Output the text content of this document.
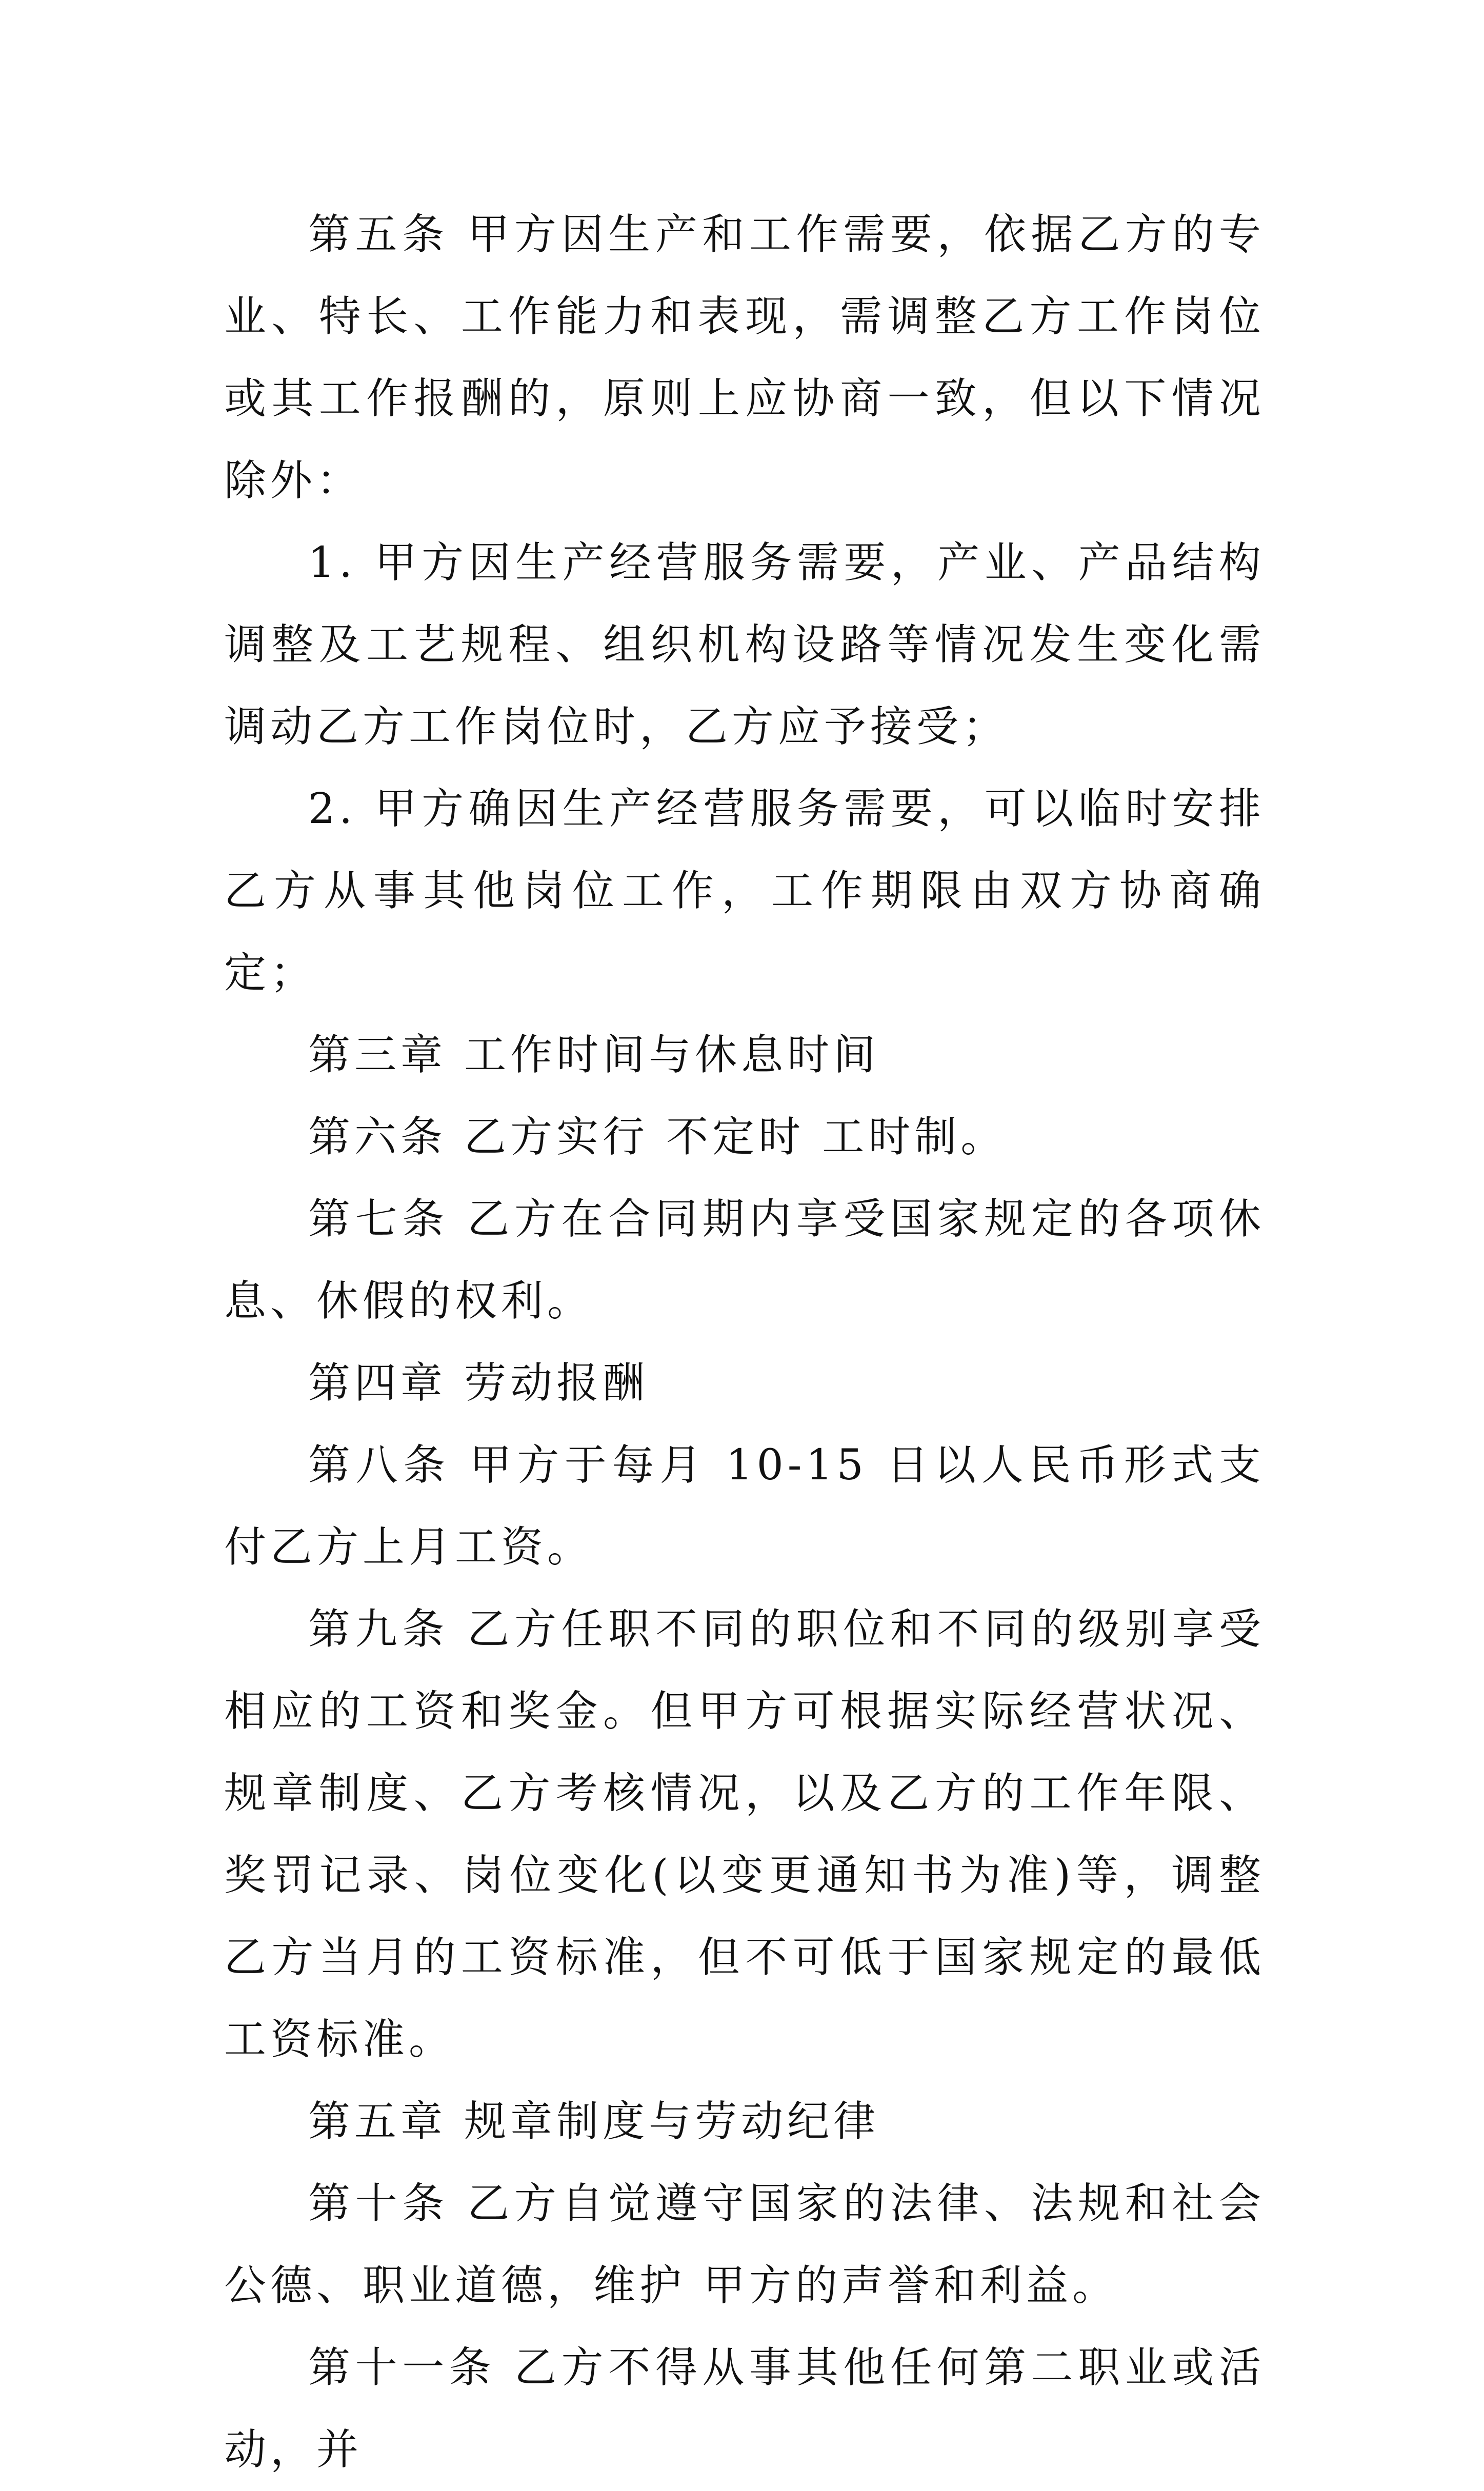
第五条 甲方因生产和工作需要，依据乙方的专业、特长、工作能力和表现，需调整乙方工作岗位或其工作报酬的，原则上应协商一致，但以下情况除外：

1. 甲方因生产经营服务需要，产业、产品结构调整及工艺规程、组织机构设路等情况发生变化需调动乙方工作岗位时，乙方应予接受；

2. 甲方确因生产经营服务需要，可以临时安排乙方从事其他岗位工作，工作期限由双方协商确定；

第三章 工作时间与休息时间

第六条 乙方实行 不定时 工时制。

第七条 乙方在合同期内享受国家规定的各项休息、休假的权利。

第四章 劳动报酬

第八条 甲方于每月 10-15 日以人民币形式支付乙方上月工资。

第九条 乙方任职不同的职位和不同的级别享受相应的工资和奖金。但甲方可根据实际经营状况、规章制度、乙方考核情况，以及乙方的工作年限、奖罚记录、岗位变化(以变更通知书为准)等，调整乙方当月的工资标准，但不可低于国家规定的最低工资标准。

第五章 规章制度与劳动纪律

第十条 乙方自觉遵守国家的法律、法规和社会公德、职业道德，维护 甲方的声誉和利益。

第十一条 乙方不得从事其他任何第二职业或活动，并
